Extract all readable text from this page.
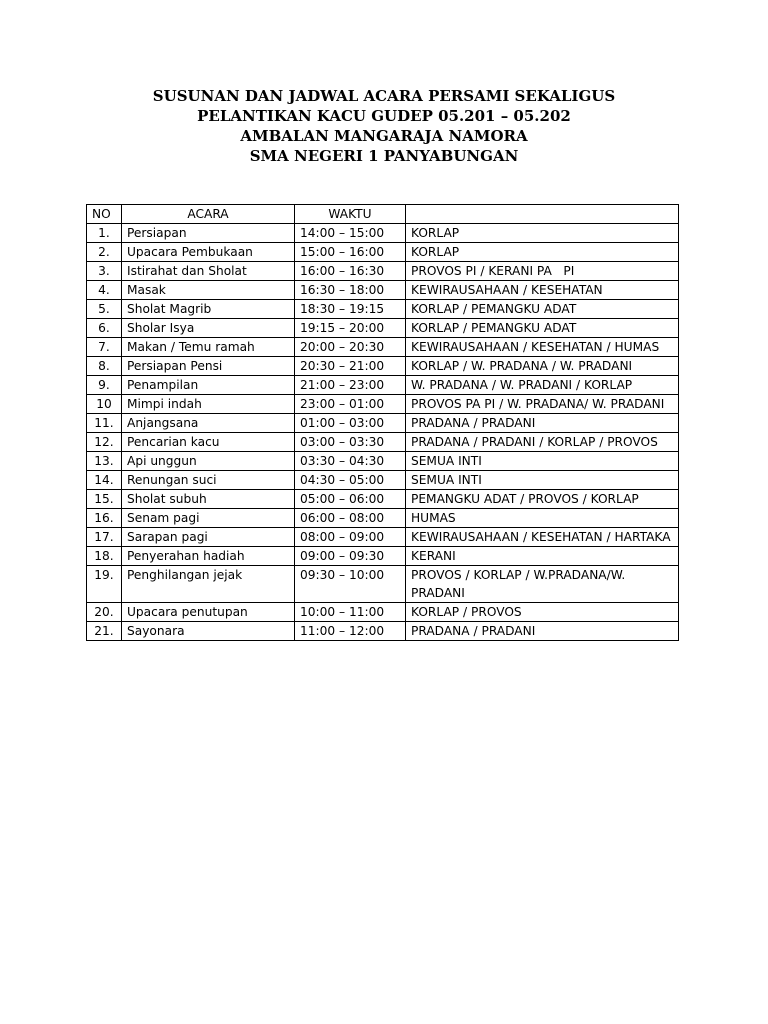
SUSUNAN DAN JADWAL ACARA PERSAMI SEKALIGUS
PELANTIKAN KACU GUDEP 05.201 – 05.202
AMBALAN MANGARAJA NAMORA
SMA NEGERI 1 PANYABUNGAN
NO	ACARA	WAKTU	
1.	Persiapan	14:00 – 15:00	KORLAP
2.	Upacara Pembukaan	15:00 – 16:00	KORLAP
3.	Istirahat dan Sholat	16:00 – 16:30	PROVOS PI / KERANI PA   PI
4.	Masak	16:30 – 18:00	KEWIRAUSAHAAN / KESEHATAN
5.	Sholat Magrib	18:30 – 19:15	KORLAP / PEMANGKU ADAT
6.	Sholar Isya	19:15 – 20:00	KORLAP / PEMANGKU ADAT
7.	Makan / Temu ramah	20:00 – 20:30	KEWIRAUSAHAAN / KESEHATAN / HUMAS
8.	Persiapan Pensi	20:30 – 21:00	KORLAP / W. PRADANA / W. PRADANI
9.	Penampilan	21:00 – 23:00	W. PRADANA / W. PRADANI / KORLAP
10	Mimpi indah	23:00 – 01:00	PROVOS PA PI / W. PRADANA/ W. PRADANI
11.	Anjangsana	01:00 – 03:00	PRADANA / PRADANI
12.	Pencarian kacu	03:00 – 03:30	PRADANA / PRADANI / KORLAP / PROVOS
13.	Api unggun	03:30 – 04:30	SEMUA INTI
14.	Renungan suci	04:30 – 05:00	SEMUA INTI
15.	Sholat subuh	05:00 – 06:00	PEMANGKU ADAT / PROVOS / KORLAP
16.	Senam pagi	06:00 – 08:00	HUMAS
17.	Sarapan pagi	08:00 – 09:00	KEWIRAUSAHAAN / KESEHATAN / HARTAKA
18.	Penyerahan hadiah	09:00 – 09:30	KERANI
19.	Penghilangan jejak	09:30 – 10:00	PROVOS / KORLAP / W.PRADANA/W. PRADANI
20.	Upacara penutupan	10:00 – 11:00	KORLAP / PROVOS
21.	Sayonara	11:00 – 12:00	PRADANA / PRADANI
